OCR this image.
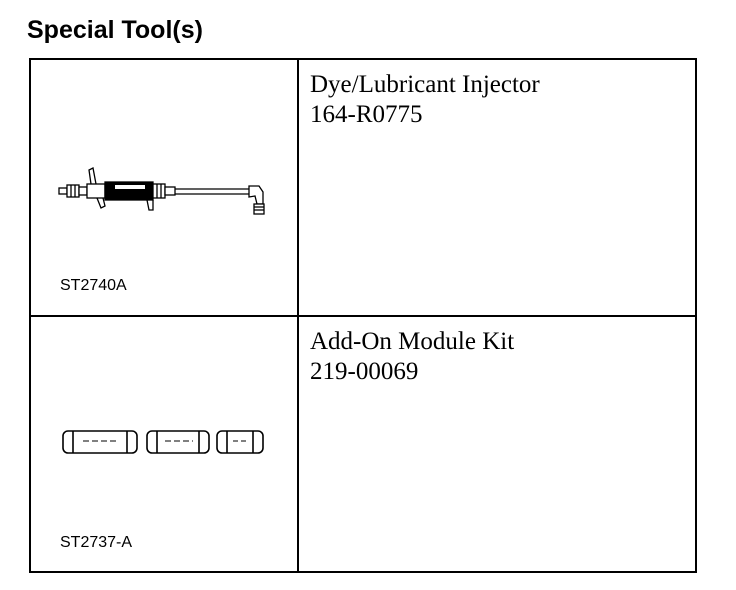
Special Tool(s)
ST2740A
Dye/Lubricant Injector
164-R0775
ST2737-A
Add-On Module Kit
219-00069
